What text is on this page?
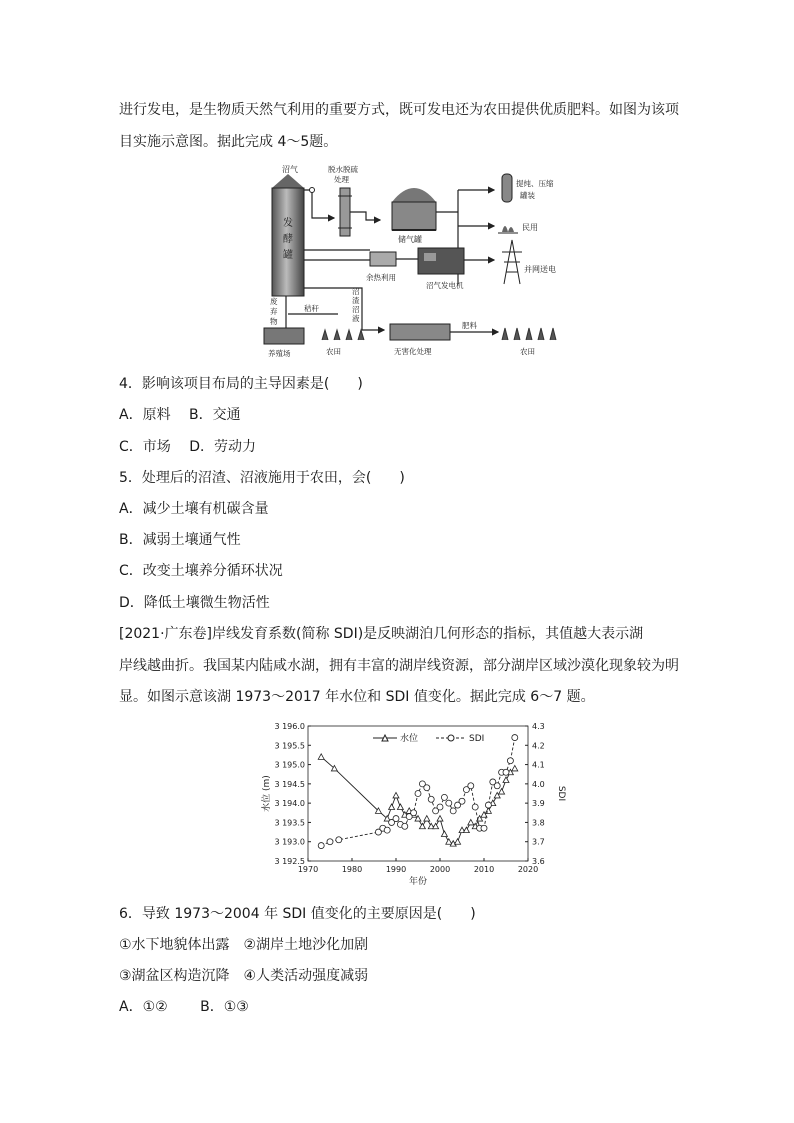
进行发电，是生物质天然气利用的重要方式，既可发电还为农田提供优质肥料。如图为该项
目实施示意图。据此完成 4～5题。
发
酵
罐
沼气	脱水脱硫
处理
储气罐
提纯、压缩
罐装
民用
余热利用
沼气发电机
并网送电
废
弃
物
秸秆
沼
渣
沼
液
养殖场	农田	无害化处理
肥料
农田
4．影响该项目布局的主导因素是(　　)
A．原料　 B．交通
C．市场　 D．劳动力
5．处理后的沼渣、沼液施用于农田，会(　　)
A．减少土壤有机碳含量
B．减弱土壤通气性
C．改变土壤养分循环状况
D．降低土壤微生物活性
[2021·广东卷]岸线发育系数(简称 SDI)是反映湖泊几何形态的指标，其值越大表示湖
岸线越曲折。我国某内陆咸水湖，拥有丰富的湖岸线资源，部分湖岸区域沙漠化现象较为明
显。如图示意该湖 1973～2017 年水位和 SDI 值变化。据此完成 6～7 题。
3 196.0
3 195.5
3 195.0
3 194.5
3 194.0
3 193.5
3 193.0
3 192.5
4.3
4.2
4.1
4.0
3.9
3.8
3.7
3.6
1970	1980	1990	2000	2010	2020
水位 (m)	SDI
年份
水位	SDI
6．导致 1973～2004 年 SDI 值变化的主要原因是(　　)
①水下地貌体出露　②湖岸土地沙化加剧
③湖盆区构造沉降　④人类活动强度减弱
A．①②　　 B．①③
